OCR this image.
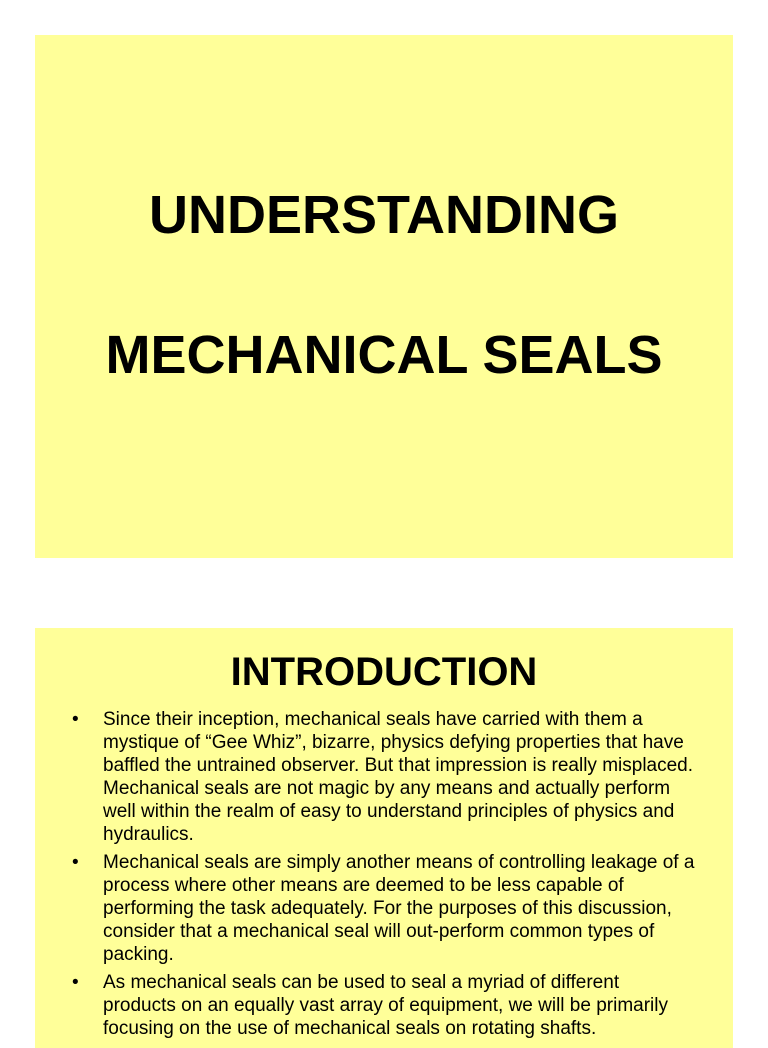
UNDERSTANDING
MECHANICAL SEALS
INTRODUCTION
• Since their inception, mechanical seals have carried with them a mystique of “Gee Whiz”, bizarre, physics defying properties that have baffled the untrained observer. But that impression is really misplaced. Mechanical seals are not magic by any means and actually perform well within the realm of easy to understand principles of physics and hydraulics.
• Mechanical seals are simply another means of controlling leakage of a process where other means are deemed to be less capable of performing the task adequately. For the purposes of this discussion, consider that a mechanical seal will out-perform common types of packing.
• As mechanical seals can be used to seal a myriad of different products on an equally vast array of equipment, we will be primarily focusing on the use of mechanical seals on rotating shafts.
